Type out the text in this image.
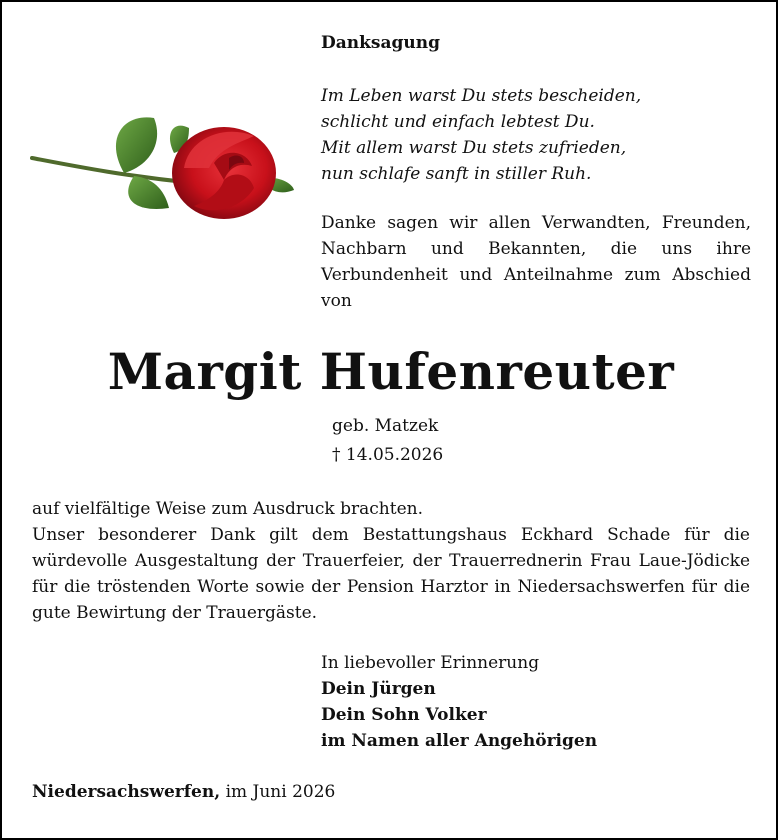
Danksagung
Im Leben warst Du stets bescheiden,
schlicht und einfach lebtest Du.
Mit allem warst Du stets zufrieden,
nun schlafe sanft in stiller Ruh.
Danke sagen wir allen Verwandten, Freunden, Nachbarn und Bekannten, die uns ihre Verbundenheit und Anteilnahme zum Abschied von
Margit Hufenreuter
geb. Matzek
† 14.05.2026

auf vielfältige Weise zum Ausdruck brachten.

Unser besonderer Dank gilt dem Bestattungshaus Eckhard Schade für die würdevolle Ausgestaltung der Trauerfeier, der Trauerrednerin Frau Laue-Jödicke für die tröstenden Worte sowie der Pension Harztor in Niedersachswerfen für die gute Bewirtung der Trauergäste.

In liebevoller Erinnerung
Dein Jürgen
Dein Sohn Volker
im Namen aller Angehörigen
Niedersachswerfen, im Juni 2026
